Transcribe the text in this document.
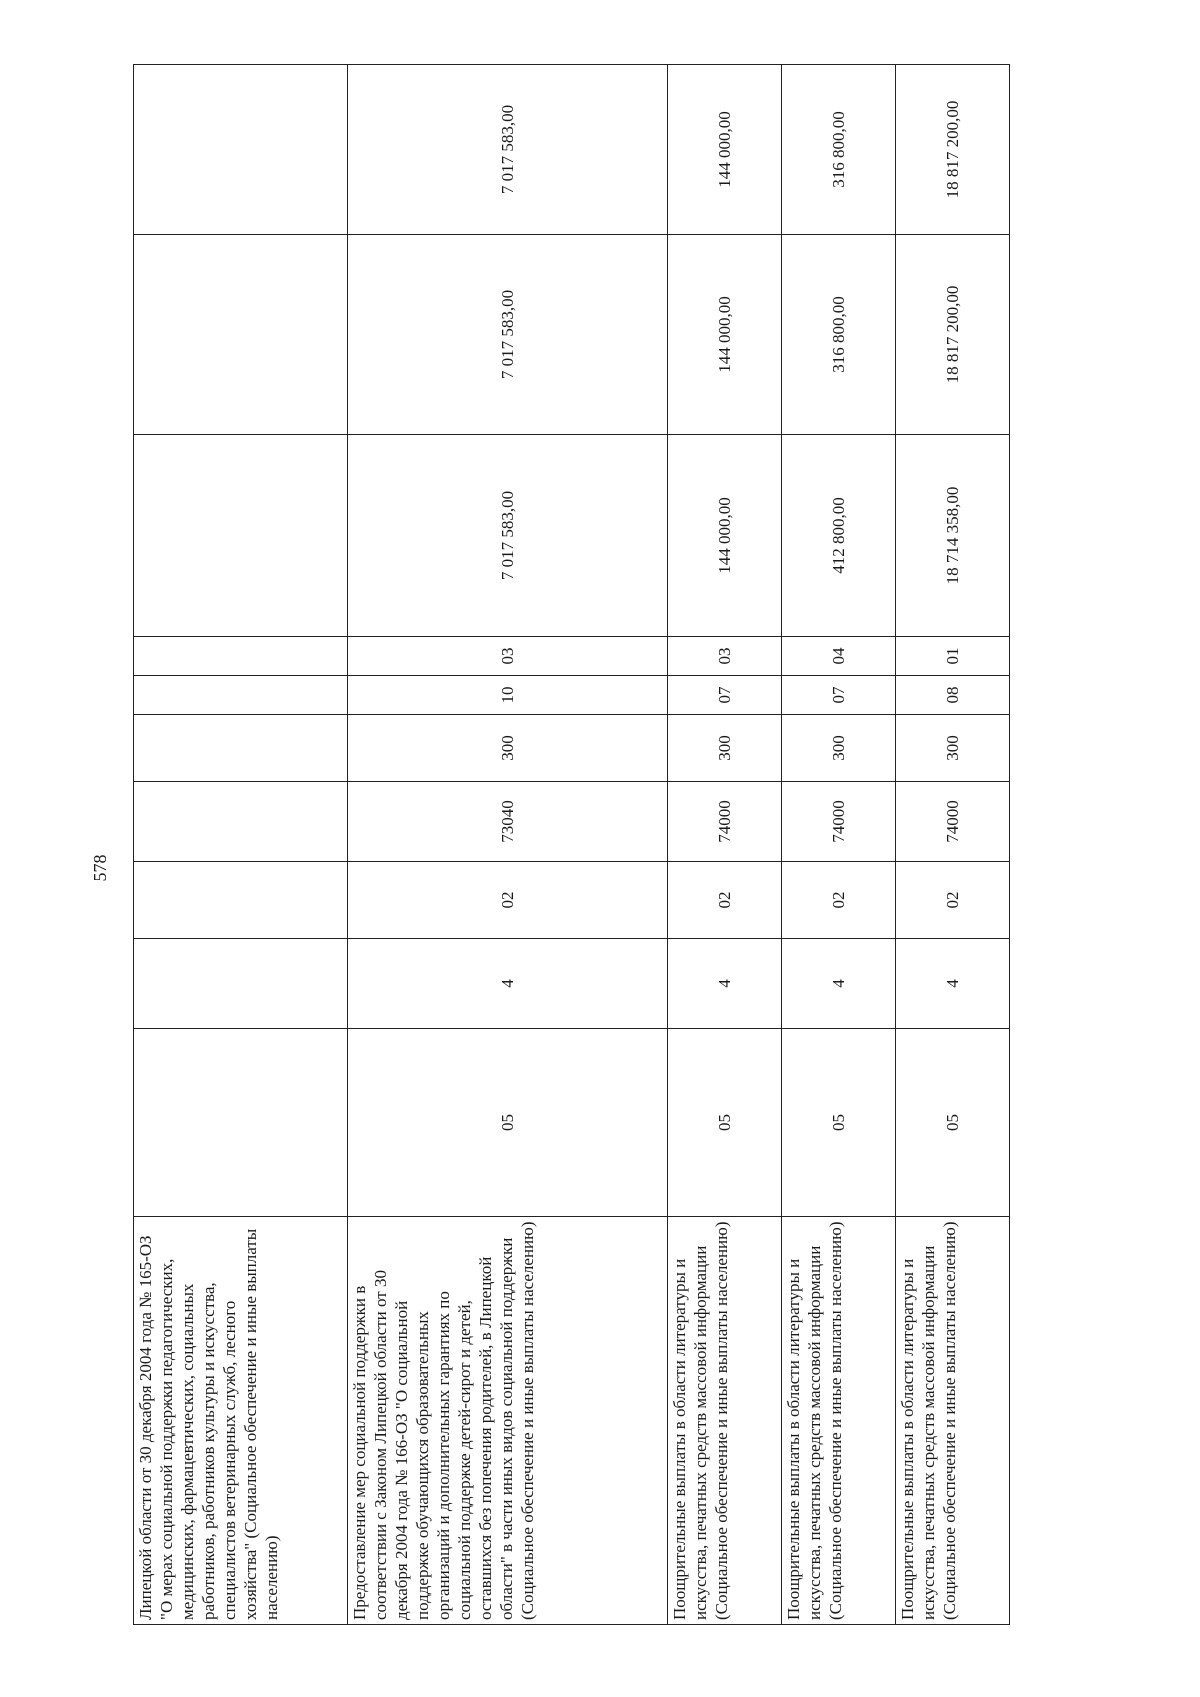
578
Липецкой области от 30 декабря 2004 года № 165-ОЗ "О мерах социальной поддержки педагогических, медицинских, фармацевтических, социальных работников, работников культуры и искусства, специалистов ветеринарных служб, лесного хозяйства" (Социальное обеспечение и иные выплаты населению)										
Предоставление мер социальной поддержки в соответствии с Законом Липецкой области от 30 декабря 2004 года № 166-ОЗ "О социальной поддержке обучающихся образовательных организаций и дополнительных гарантиях по социальной поддержке детей-сирот и детей, оставшихся без попечения родителей, в Липецкой области" в части иных видов социальной поддержки (Социальное обеспечение и иные выплаты населению)	05	4	02	73040	300	10	03	7 017 583,00	7 017 583,00	7 017 583,00
Поощрительные выплаты в области литературы и искусства, печатных средств массовой информации (Социальное обеспечение и иные выплаты населению)	05	4	02	74000	300	07	03	144 000,00	144 000,00	144 000,00
Поощрительные выплаты в области литературы и искусства, печатных средств массовой информации (Социальное обеспечение и иные выплаты населению)	05	4	02	74000	300	07	04	412 800,00	316 800,00	316 800,00
Поощрительные выплаты в области литературы и искусства, печатных средств массовой информации (Социальное обеспечение и иные выплаты населению)	05	4	02	74000	300	08	01	18 714 358,00	18 817 200,00	18 817 200,00
